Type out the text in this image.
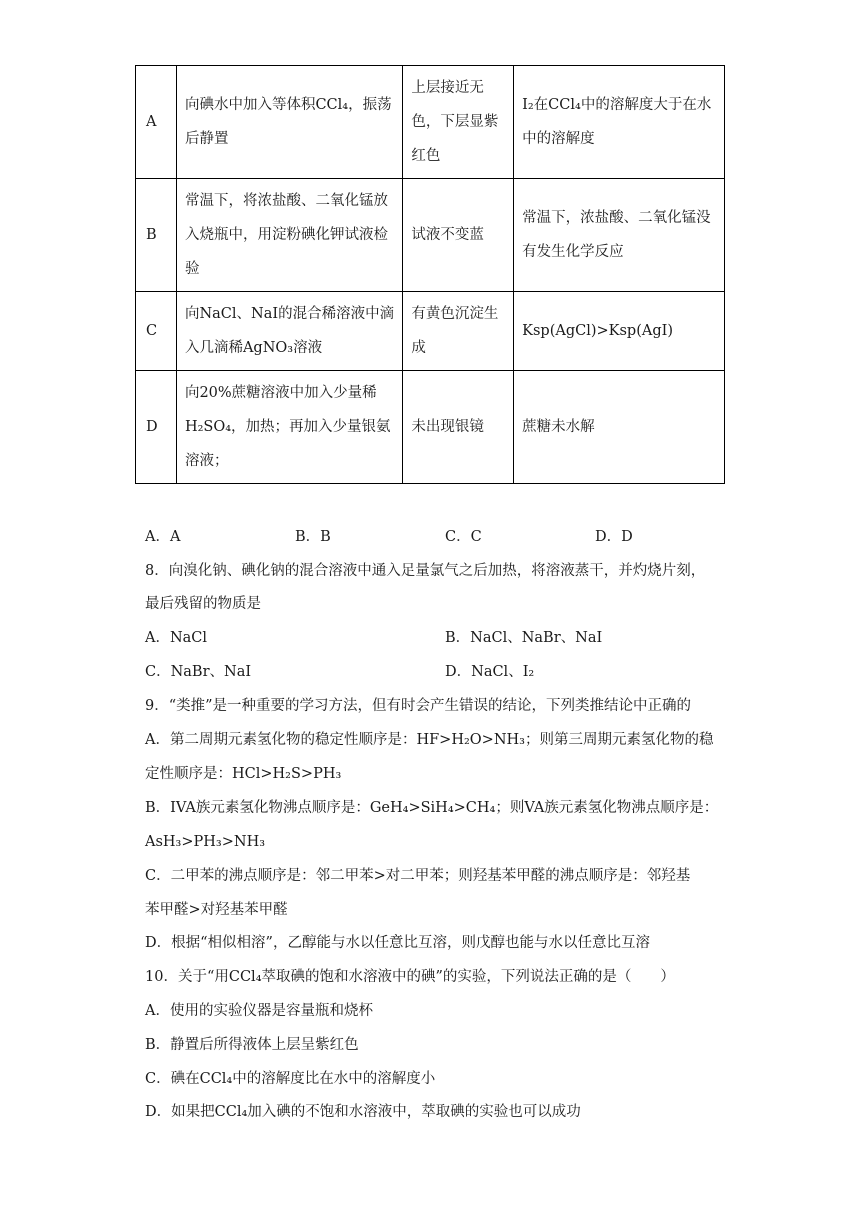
A	向碘水中加入等体积CCl₄，振荡后静置	上层接近无色，下层显紫红色	I₂在CCl₄中的溶解度大于在水中的溶解度
B	常温下，将浓盐酸、二氧化锰放入烧瓶中，用淀粉碘化钾试液检验	试液不变蓝	常温下，浓盐酸、二氧化锰没有发生化学反应
C	向NaCl、NaI的混合稀溶液中滴入几滴稀AgNO₃溶液	有黄色沉淀生成	Ksp(AgCl)>Ksp(AgI)
D	向20%蔗糖溶液中加入少量稀H₂SO₄，加热；再加入少量银氨溶液；	未出现银镜	蔗糖未水解
A．A	B．B	C．C	D．D
8．向溴化钠、碘化钠的混合溶液中通入足量氯气之后加热，将溶液蒸干，并灼烧片刻，
最后残留的物质是
A．NaCl	B．NaCl、NaBr、NaI
C．NaBr、NaI	D．NaCl、I₂
9．“类推”是一种重要的学习方法，但有时会产生错误的结论，下列类推结论中正确的
A．第二周期元素氢化物的稳定性顺序是：HF>H₂O>NH₃；则第三周期元素氢化物的稳
定性顺序是：HCl>H₂S>PH₃
B．IVA族元素氢化物沸点顺序是：GeH₄>SiH₄>CH₄；则VA族元素氢化物沸点顺序是：
AsH₃>PH₃>NH₃
C．二甲苯的沸点顺序是：邻二甲苯>对二甲苯；则羟基苯甲醛的沸点顺序是：邻羟基
苯甲醛>对羟基苯甲醛
D．根据“相似相溶”，乙醇能与水以任意比互溶，则戊醇也能与水以任意比互溶
10．关于“用CCl₄萃取碘的饱和水溶液中的碘”的实验，下列说法正确的是（　　）
A．使用的实验仪器是容量瓶和烧杯
B．静置后所得液体上层呈紫红色
C．碘在CCl₄中的溶解度比在水中的溶解度小
D．如果把CCl₄加入碘的不饱和水溶液中，萃取碘的实验也可以成功
